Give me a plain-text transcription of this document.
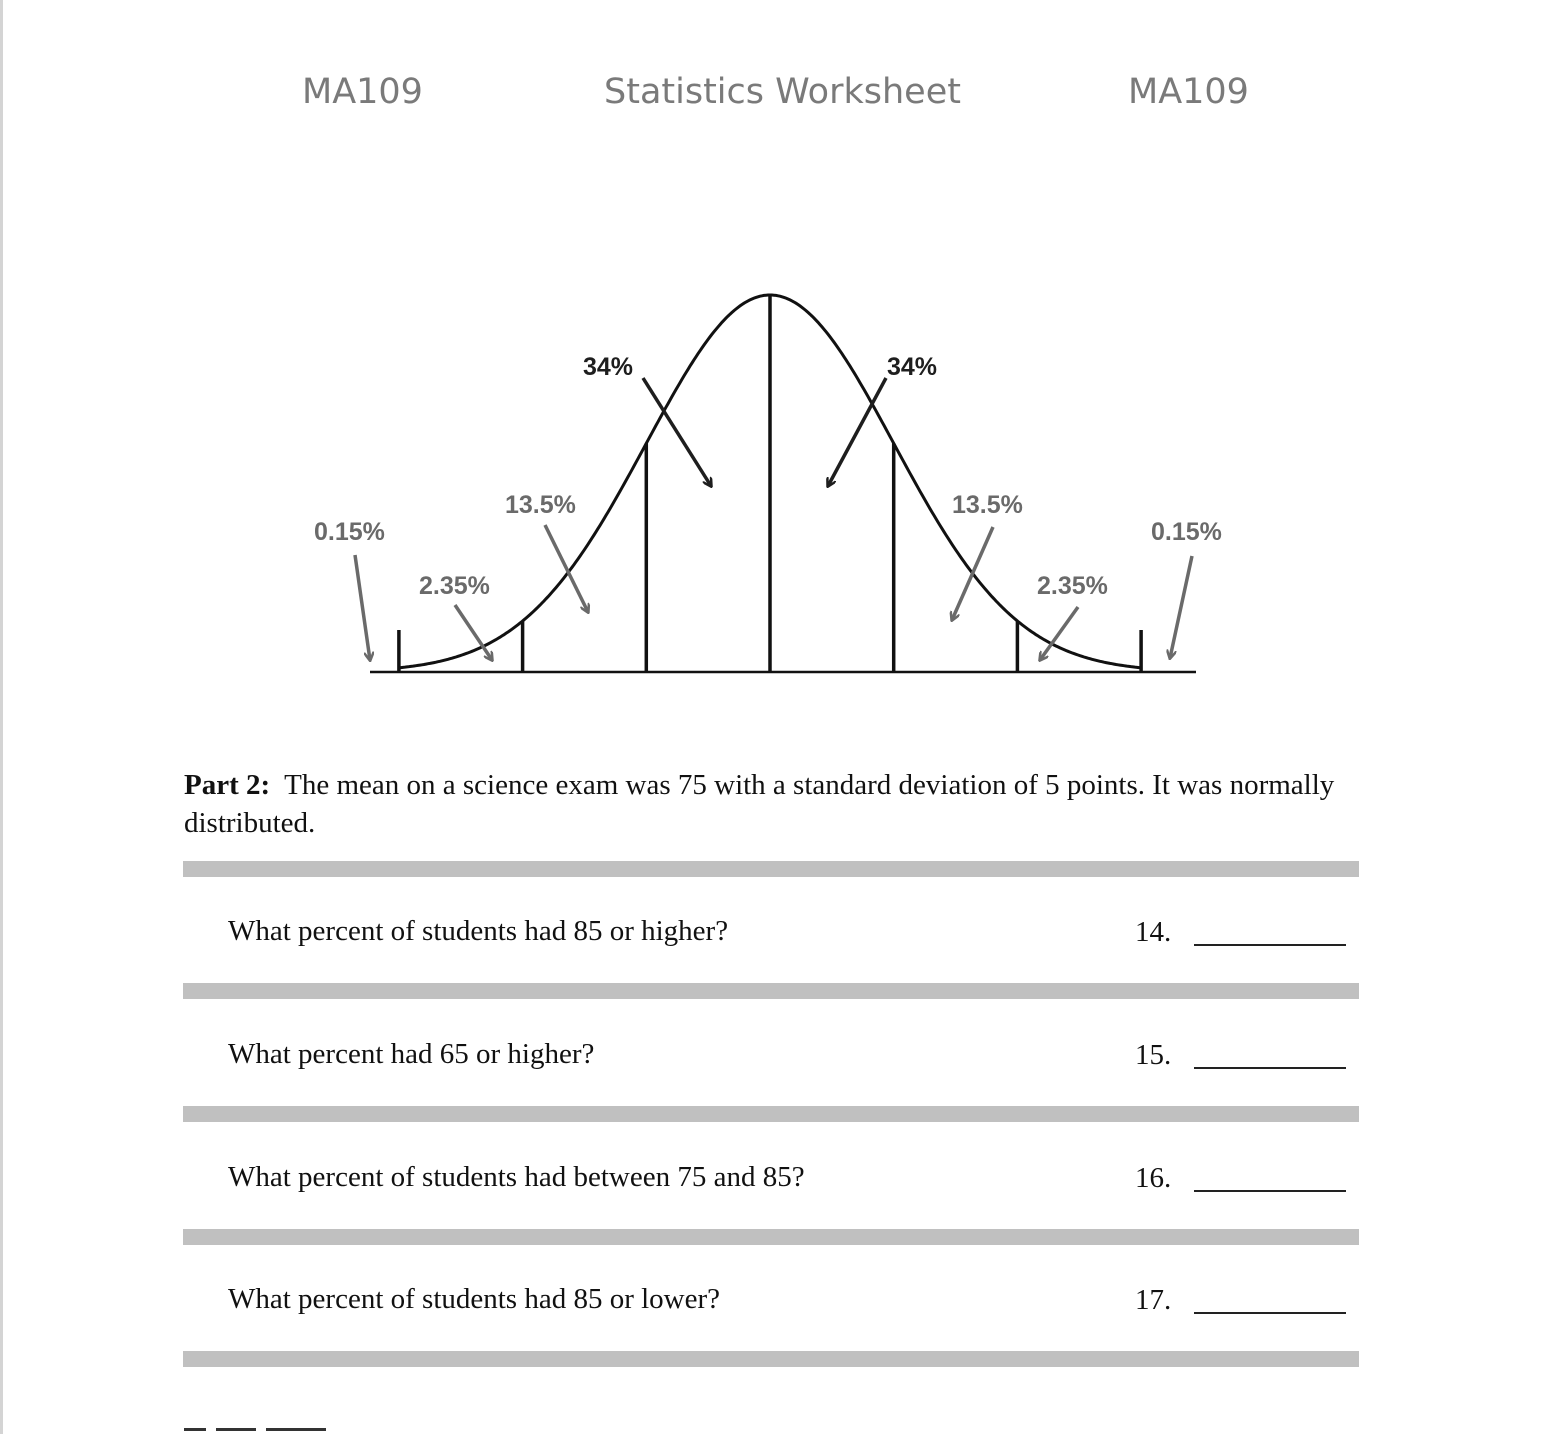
MA109	Statistics Worksheet	MA109
0.15%
2.35%
13.5%
34%	34%
13.5%
2.35%
0.15%
Part 2: The mean on a science exam was 75 with a standard deviation of 5 points. It was normally distributed.
What percent of students had 85 or higher?	14.
What percent had 65 or higher?	15.
What percent of students had between 75 and 85?	16.
What percent of students had 85 or lower?	17.
